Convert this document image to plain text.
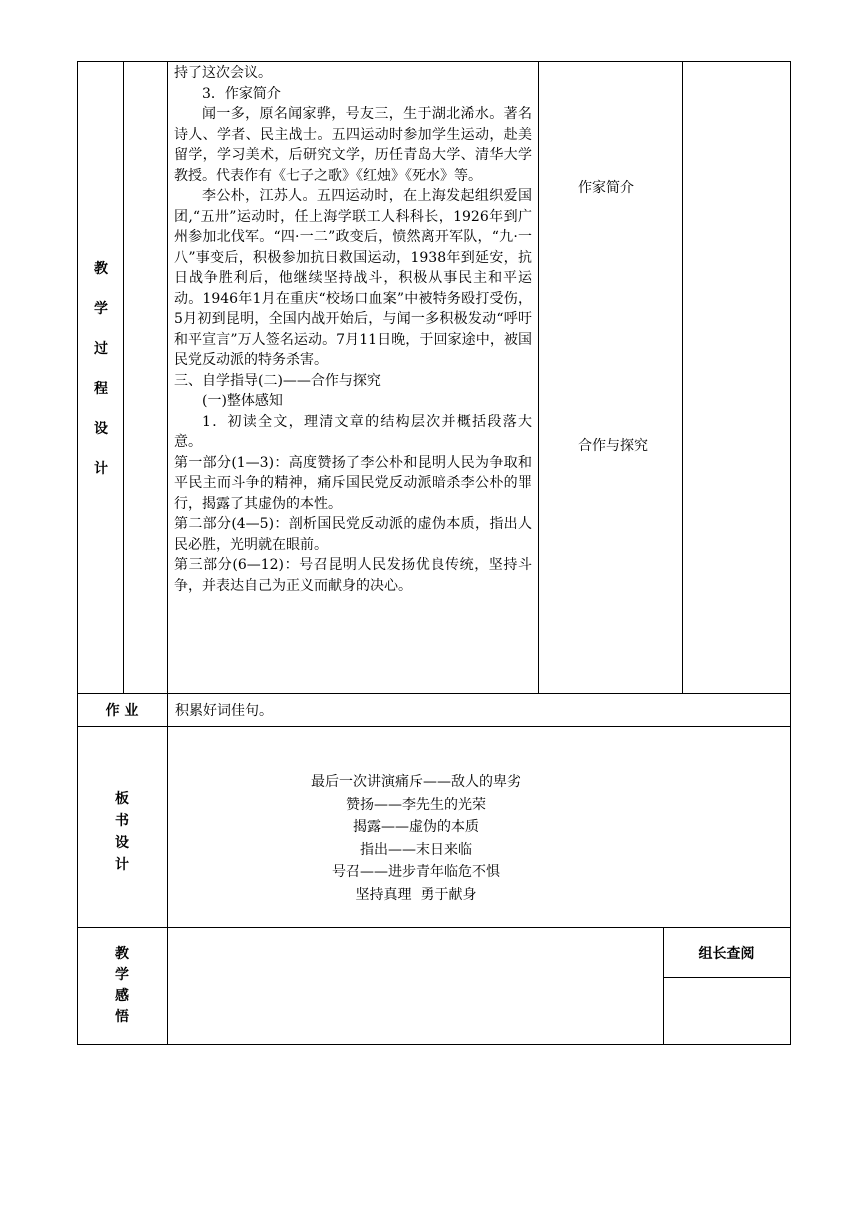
教
学
过
程
设
计

持了这次会议。

3．作家简介

闻一多，原名闻家骅，号友三，生于湖北浠水。著名诗人、学者、民主战士。五四运动时参加学生运动，赴美留学，学习美术，后研究文学，历任青岛大学、清华大学教授。代表作有《七子之歌》《红烛》《死水》等。

李公朴，江苏人。五四运动时，在上海发起组织爱国团,“五卅”运动时，任上海学联工人科科长，1926年到广州参加北伐军。“四·一二”政变后，愤然离开军队，“九·一八”事变后，积极参加抗日救国运动，1938年到延安，抗日战争胜利后，他继续坚持战斗，积极从事民主和平运动。1946年1月在重庆“校场口血案”中被特务殴打受伤，5月初到昆明，全国内战开始后，与闻一多积极发动“呼吁和平宣言”万人签名运动。7月11日晚，于回家途中，被国民党反动派的特务杀害。

三、自学指导(二)——合作与探究

(一)整体感知

1．初读全文，理清文章的结构层次并概括段落大意。

第一部分(1—3)：高度赞扬了李公朴和昆明人民为争取和平民主而斗争的精神，痛斥国民党反动派暗杀李公朴的罪行，揭露了其虚伪的本性。

第二部分(4—5)：剖析国民党反动派的虚伪本质，指出人民必胜，光明就在眼前。

第三部分(6—12)：号召昆明人民发扬优良传统，坚持斗争，并表达自己为正义而献身的决心。

作家简介
合作与探究
作 业	积累好词佳句。
板
书
设
计
最后一次讲演痛斥——敌人的卑劣
赞扬——李先生的光荣
揭露——虚伪的本质
指出——末日来临
号召——进步青年临危不惧
坚持真理  勇于献身
教
学
感
悟
组长查阅
